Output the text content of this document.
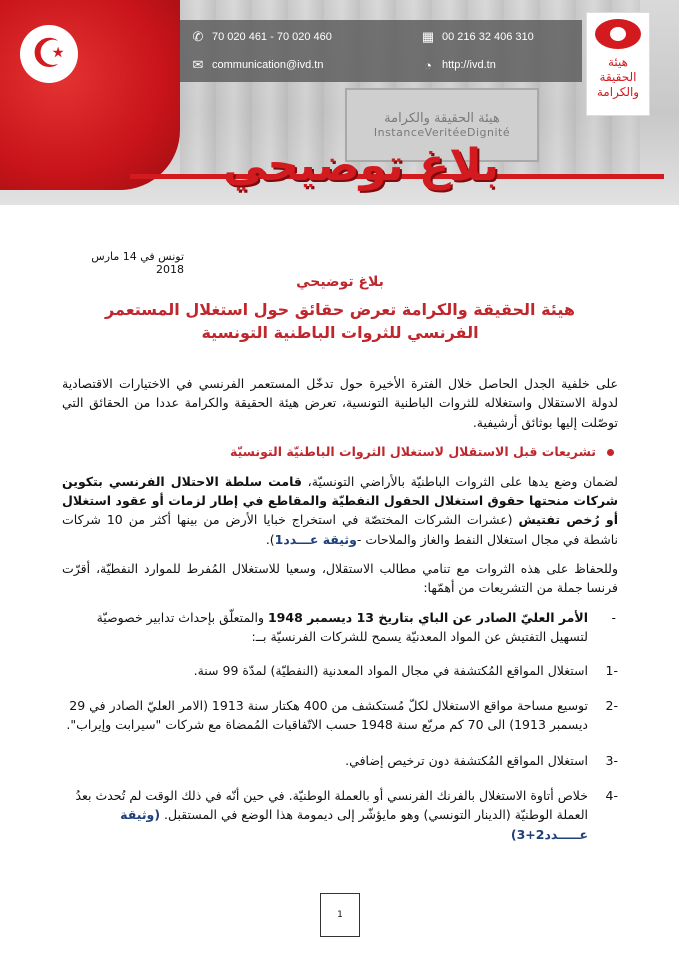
☪
هيئة الحقيقة والكرامة
InstanceVeritéeDignité
✆ 70 020 461 - 70 020 460	▦ 00 216 32 406 310
✉ communication@ivd.tn	◔ http://ivd.tn	هيئة
الحقيقة
والكرامة
بلاغ توضيحي
تونس في 14 مارس 2018
بلاغ توضيحي
هيئة الحقيقة والكرامة تعرض حقائق حول استغلال المستعمر الفرنسي للثروات الباطنية التونسية

على خلفية الجدل الحاصل خلال الفترة الأخيرة حول تدخّل المستعمر الفرنسي في الاختيارات الاقتصادية لدولة الاستقلال واستغلاله للثروات الباطنية التونسية، تعرض هيئة الحقيقة والكرامة عددا من الحقائق التي توصّلت إليها بوثائق أرشيفية.

تشريعات قبل الاستقلال لاستغلال الثروات الباطنيّة التونسيّة

لضمان وضع يدها على الثروات الباطنيّة بالأراضي التونسيّة، قامت سلطة الاحتلال الفرنسي بتكوين شركات منحتها حقوق استغلال الحقول النفطيّة والمقاطع في إطار لزمات أو عقود استغلال أو رُخص تفتيش (عشرات الشركات المختصّة في استخراج خبايا الأرض من بينها أكثر من 10 شركات ناشطة في مجال استغلال النفط والغاز والملاحات -وثيقة عـــدد1).

وللحفاظ على هذه الثروات مع تنامي مطالب الاستقلال، وسعيا للاستغلال المُفرط للموارد النفطيّة، أقرّت فرنسا جملة من التشريعات من أهمّها:

-
الأمر العليّ الصادر عن الباي بتاريخ 13 ديسمبر 1948 والمتعلّق بإحداث تدابير خصوصيّة لتسهيل التفتيش عن المواد المعدنيّة يسمح للشركات الفرنسيّة بــ:
-1
استغلال المواقع المُكتشفة في مجال المواد المعدنية (النفطيّة) لمدّة 99 سنة.
-2
توسيع مساحة مواقع الاستغلال لكلّ مُستكشف من 400 هكتار سنة 1913 (الامر العليّ الصادر في 29 ديسمبر 1913) الى 70 كم مربّع سنة 1948 حسب الاتّفاقيات المُمضاة مع شركات "سيرابت وإيراب".
-3
استغلال المواقع المُكتشفة دون ترخيص إضافي.
-4
خلاص أتاوة الاستغلال بالفرنك الفرنسي أو بالعملة الوطنيّة. في حين أنّه في ذلك الوقت لم تُحدث بعدُ العملة الوطنيّة (الدينار التونسي) وهو مايؤشّر إلى ديمومة هذا الوضع في المستقبل. (وثيقة عـــــدد2+3)
1
